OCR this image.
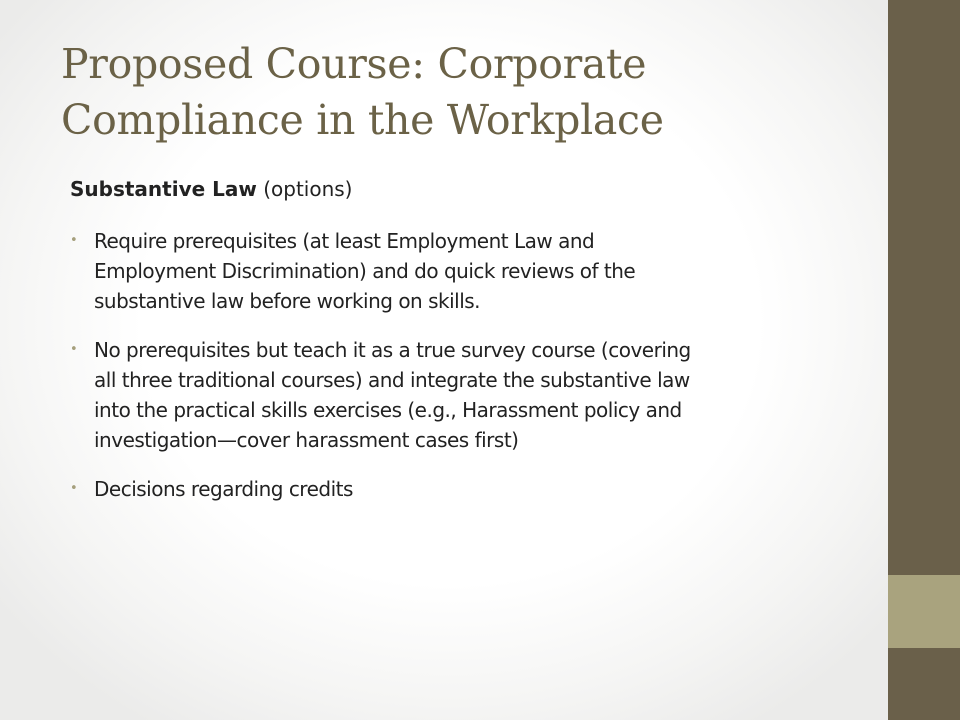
Proposed Course: Corporate
Compliance in the Workplace

Substantive Law (options)

• Require prerequisites (at least Employment Law and
Employment Discrimination) and do quick reviews of the
substantive law before working on skills.
• No prerequisites but teach it as a true survey course (covering
all three traditional courses) and integrate the substantive law
into the practical skills exercises (e.g., Harassment policy and
investigation—cover harassment cases first)
• Decisions regarding credits
